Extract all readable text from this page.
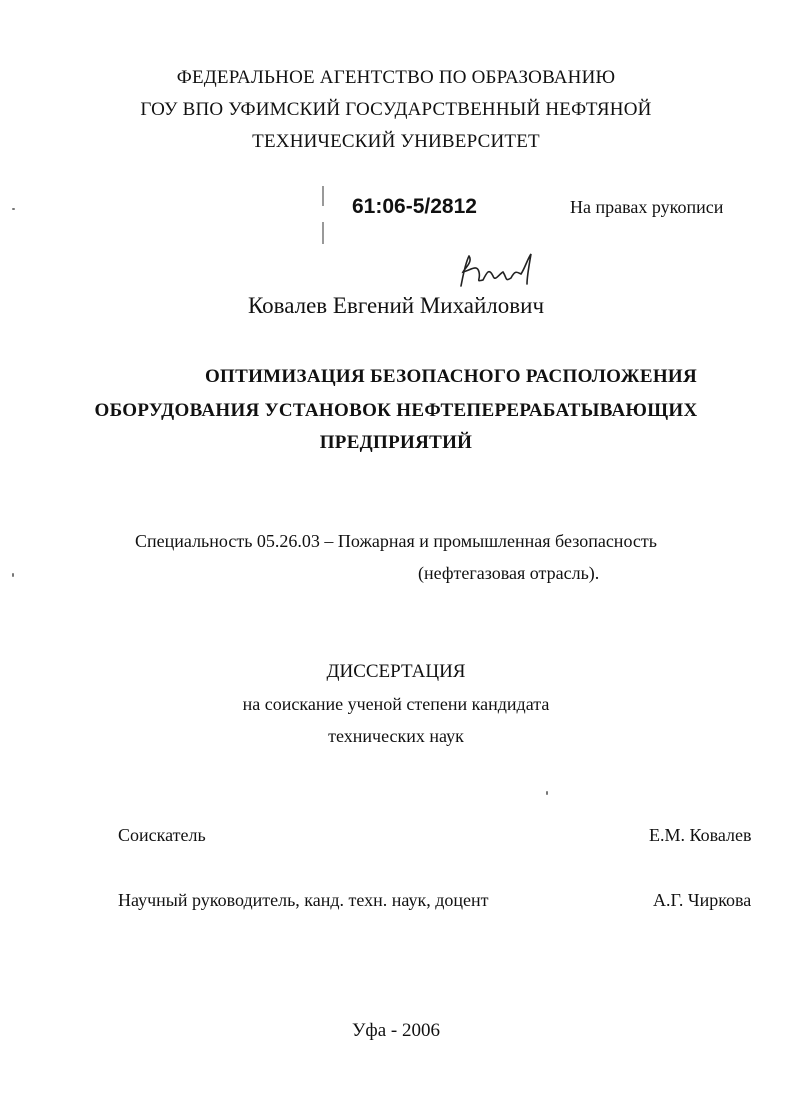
ФЕДЕРАЛЬНОЕ АГЕНТСТВО ПО ОБРАЗОВАНИЮ
ГОУ ВПО УФИМСКИЙ ГОСУДАРСТВЕННЫЙ НЕФТЯНОЙ
ТЕХНИЧЕСКИЙ УНИВЕРСИТЕТ
61:06-5/2812	На правах рукописи
Ковалев Евгений Михайлович
ОПТИМИЗАЦИЯ БЕЗОПАСНОГО РАСПОЛОЖЕНИЯ
ОБОРУДОВАНИЯ УСТАНОВОК НЕФТЕПЕРЕРАБАТЫВАЮЩИХ
ПРЕДПРИЯТИЙ
Специальность 05.26.03 – Пожарная и промышленная безопасность
(нефтегазовая отрасль).
ДИССЕРТАЦИЯ
на соискание ученой степени кандидата
технических наук
Соискатель	Е.М. Ковалев
Научный руководитель, канд. техн. наук, доцент	А.Г. Чиркова
Уфа - 2006
